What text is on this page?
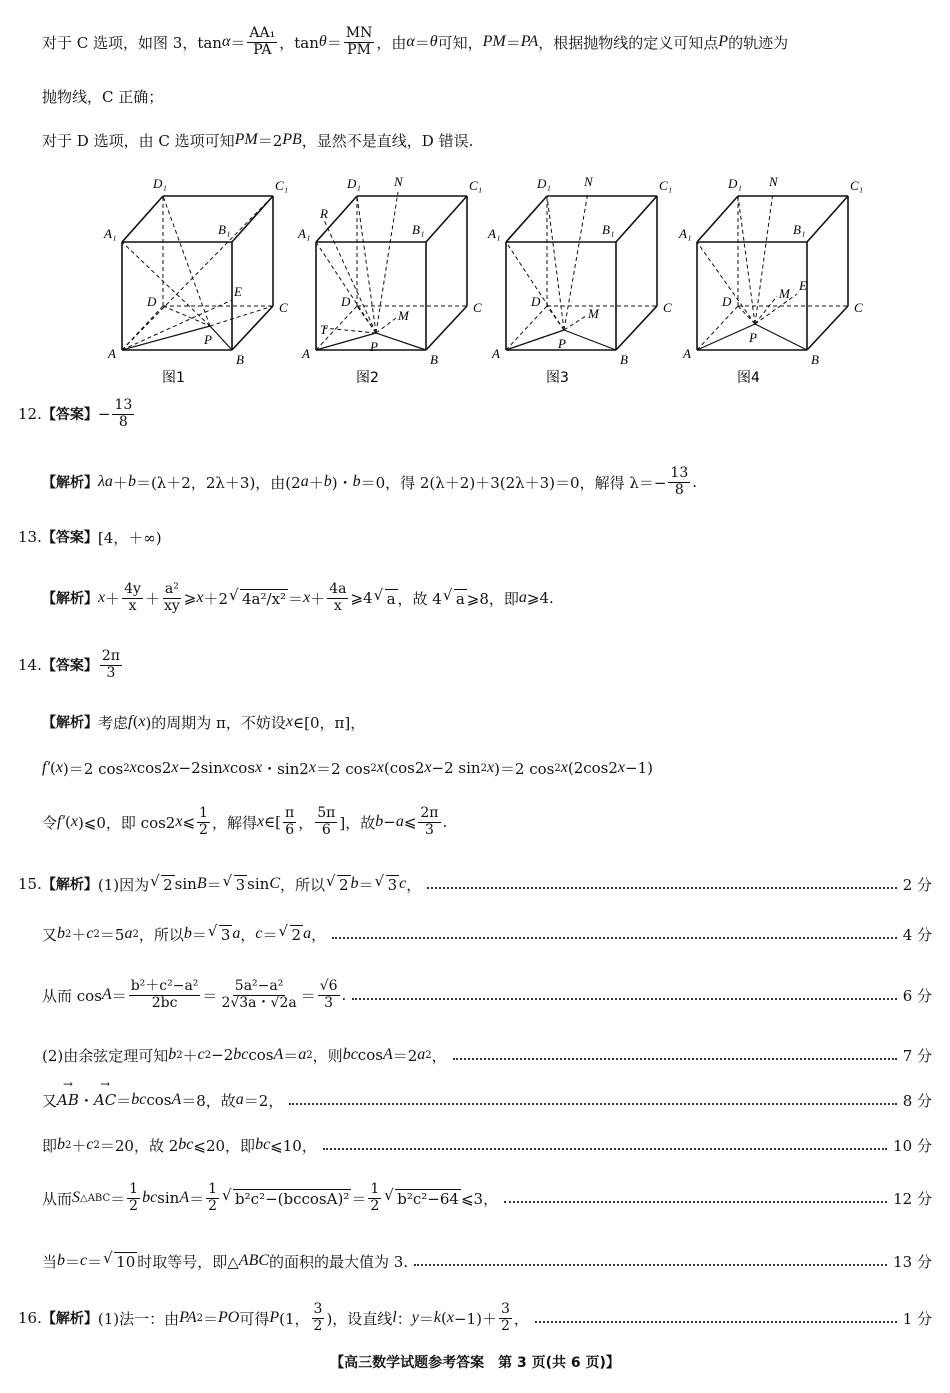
对于 C 选项，如图 3，$\tan \alpha = \frac{\text{AA₁}}{PA}$ ，$\tan \theta = \frac{MN}{PM}$ ，由 α ＝ θ 可知， PM ＝ PA ，根据抛物线的定义可知点 P 的轨迹为
抛物线，C 正确；
对于 D 选项，由 C 选项可知 PM ＝2 PB ，显然不是直线，D 错误.
12. 【答案】 − $\frac{13}{8}$
【解析】 λa ＋ b ＝(λ＋2，2λ＋3)，由(2 a ＋ b )・ b ＝0，得 2(λ＋2)＋3(2λ＋3)＝0，解得 $\lambda=- \frac{13}{8}$ .
13. 【答案】 [4，＋∞)
【解析】 $x + \frac{4y}{x} + \frac{\text{a²}}{xy}$ ⩾ x ＋2 √ $4a^2/x^2 = x + \frac{4a}{x}$ ⩾4 √ a ，故 4 √ a ⩾8，即 a ⩾4.
14. 【答案】 $\frac{2\pi}{3}$
【解析】 考虑 f ( x )的周期为 π，不妨设 x ∈[0，π]，
f′ ( x )＝2 cos 2 x cos2 x −2sin x cos x ・sin2 x ＝2 cos 2 x (cos2 x −2 sin 2 x )＝2 cos 2 x (2cos2 x −1)
令 f′ ( x )⩽0，即 cos2 x ⩽ $\frac{1}{2}$ ，解得 x ∈[ $\frac{\pi}{6}$ ， $\frac{5\pi}{6}$ ]，故 b − a ⩽ $\frac{2\pi}{3}$ .
15. 【解析】 (1)因为 √ 2 sin B ＝ √ 3 sin C ，所以 √ 2 b ＝ √ 3 c ，	2 分
又 b 2 ＋ c 2 ＝5 a 2 ，所以 b ＝ √ 3 a ， c ＝ √ 2 a ，	4 分
从而 $\cos A = \frac{\text{b²＋c²−a²}}{2bc} = \frac{\text{5a²−a²}}{2√3a・√2a} = \frac{√6}{3}$ .	6 分
(2)由余弦定理可知 b 2 ＋ c 2 −2 bc cos A ＝ a 2 ，则 bc cos A ＝2 a 2 ，	7 分
又 → AB ・ → AC ＝ bc cos A ＝8，故 a ＝2，	8 分
即 b 2 ＋ c 2 ＝20，故 2 bc ⩽20，即 bc ⩽10，	10 分
从而 S △ABC ＝ $\frac{1}{2}$ bc $\sin A = \frac{1}{2}$ √ $b^2c^2-(bccosA)^2 = \frac{1}{2}$ √ b²c²−64 ⩽3，	12 分
当 b ＝ c ＝ √ 10 时取等号，即△ ABC 的面积的最大值为 3.	13 分
16. 【解析】 (1)法一：由 PA 2 ＝ PO 可得 P (1， $\frac{3}{2}$ )，设直线 l ： y ＝ k ( $x -1)+ \frac{3}{2}$ ，	1 分
A	B
C
D
A₁	B₁
C₁
D₁
P
E
图1
A	B
C
D
A₁	B₁
C₁
D₁
P
N
M
R
T
图2
A	B
C
D
A₁	B₁
C₁
D₁
P
N
M
图3
A	B
C
D
A₁	B₁
C₁
D₁
P
N
M
E
图4
【高三数学试题参考答案　第 3 页(共 6 页)】
